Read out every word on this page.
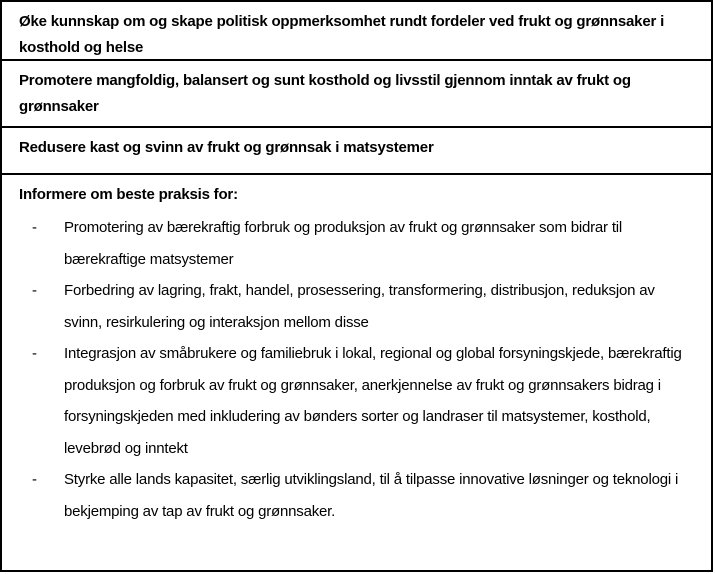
Øke kunnskap om og skape politisk oppmerksomhet rundt fordeler ved frukt og grønnsaker i kosthold og helse

Promotere mangfoldig, balansert og sunt kosthold og livsstil gjennom inntak av frukt og grønnsaker

Redusere kast og svinn av frukt og grønnsak i matsystemer

Informere om beste praksis for:

- Promotering av bærekraftig forbruk og produksjon av frukt og grønnsaker som bidrar til bærekraftige matsystemer
- Forbedring av lagring, frakt, handel, prosessering, transformering, distribusjon, reduksjon av svinn, resirkulering og interaksjon mellom disse
- Integrasjon av småbrukere og familiebruk i lokal, regional og global forsyningskjede, bærekraftig produksjon og forbruk av frukt og grønnsaker, anerkjennelse av frukt og grønnsakers bidrag i forsyningskjeden med inkludering av bønders sorter og landraser til matsystemer, kosthold, levebrød og inntekt
- Styrke alle lands kapasitet, særlig utviklingsland, til å tilpasse innovative løsninger og teknologi i bekjemping av tap av frukt og grønnsaker.
